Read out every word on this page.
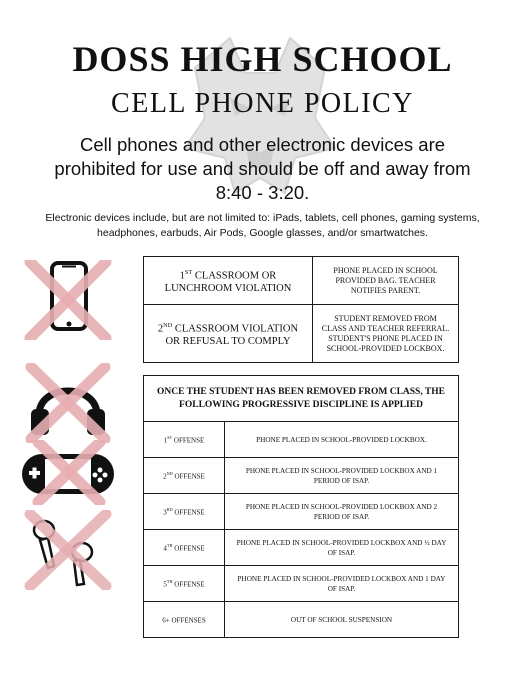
DOSS HIGH SCHOOL
CELL PHONE POLICY
Cell phones and other electronic devices are prohibited for use and should be off and away from 8:40 - 3:20.
Electronic devices include, but are not limited to: iPads, tablets, cell phones, gaming systems, headphones, earbuds, Air Pods, Google glasses, and/or smartwatches.
1ST CLASSROOM OR LUNCHROOM VIOLATION	PHONE PLACED IN SCHOOL PROVIDED BAG. TEACHER NOTIFIES PARENT.
2ND CLASSROOM VIOLATION OR REFUSAL TO COMPLY	STUDENT REMOVED FROM CLASS AND TEACHER REFERRAL. STUDENT'S PHONE PLACED IN SCHOOL-PROVIDED LOCKBOX.
ONCE THE STUDENT HAS BEEN REMOVED FROM CLASS, THE FOLLOWING PROGRESSIVE DISCIPLINE IS APPLIED	
1ST OFFENSE	PHONE PLACED IN SCHOOL-PROVIDED LOCKBOX.
2ND OFFENSE	PHONE PLACED IN SCHOOL-PROVIDED LOCKBOX AND 1 PERIOD OF ISAP.
3RD OFFENSE	PHONE PLACED IN SCHOOL-PROVIDED LOCKBOX AND 2 PERIOD OF ISAP.
4TH OFFENSE	PHONE PLACED IN SCHOOL-PROVIDED LOCKBOX AND ½ DAY OF ISAP.
5TH OFFENSE	PHONE PLACED IN SCHOOL-PROVIDED LOCKBOX AND 1 DAY OF ISAP.
6+ OFFENSES	OUT OF SCHOOL SUSPENSION
